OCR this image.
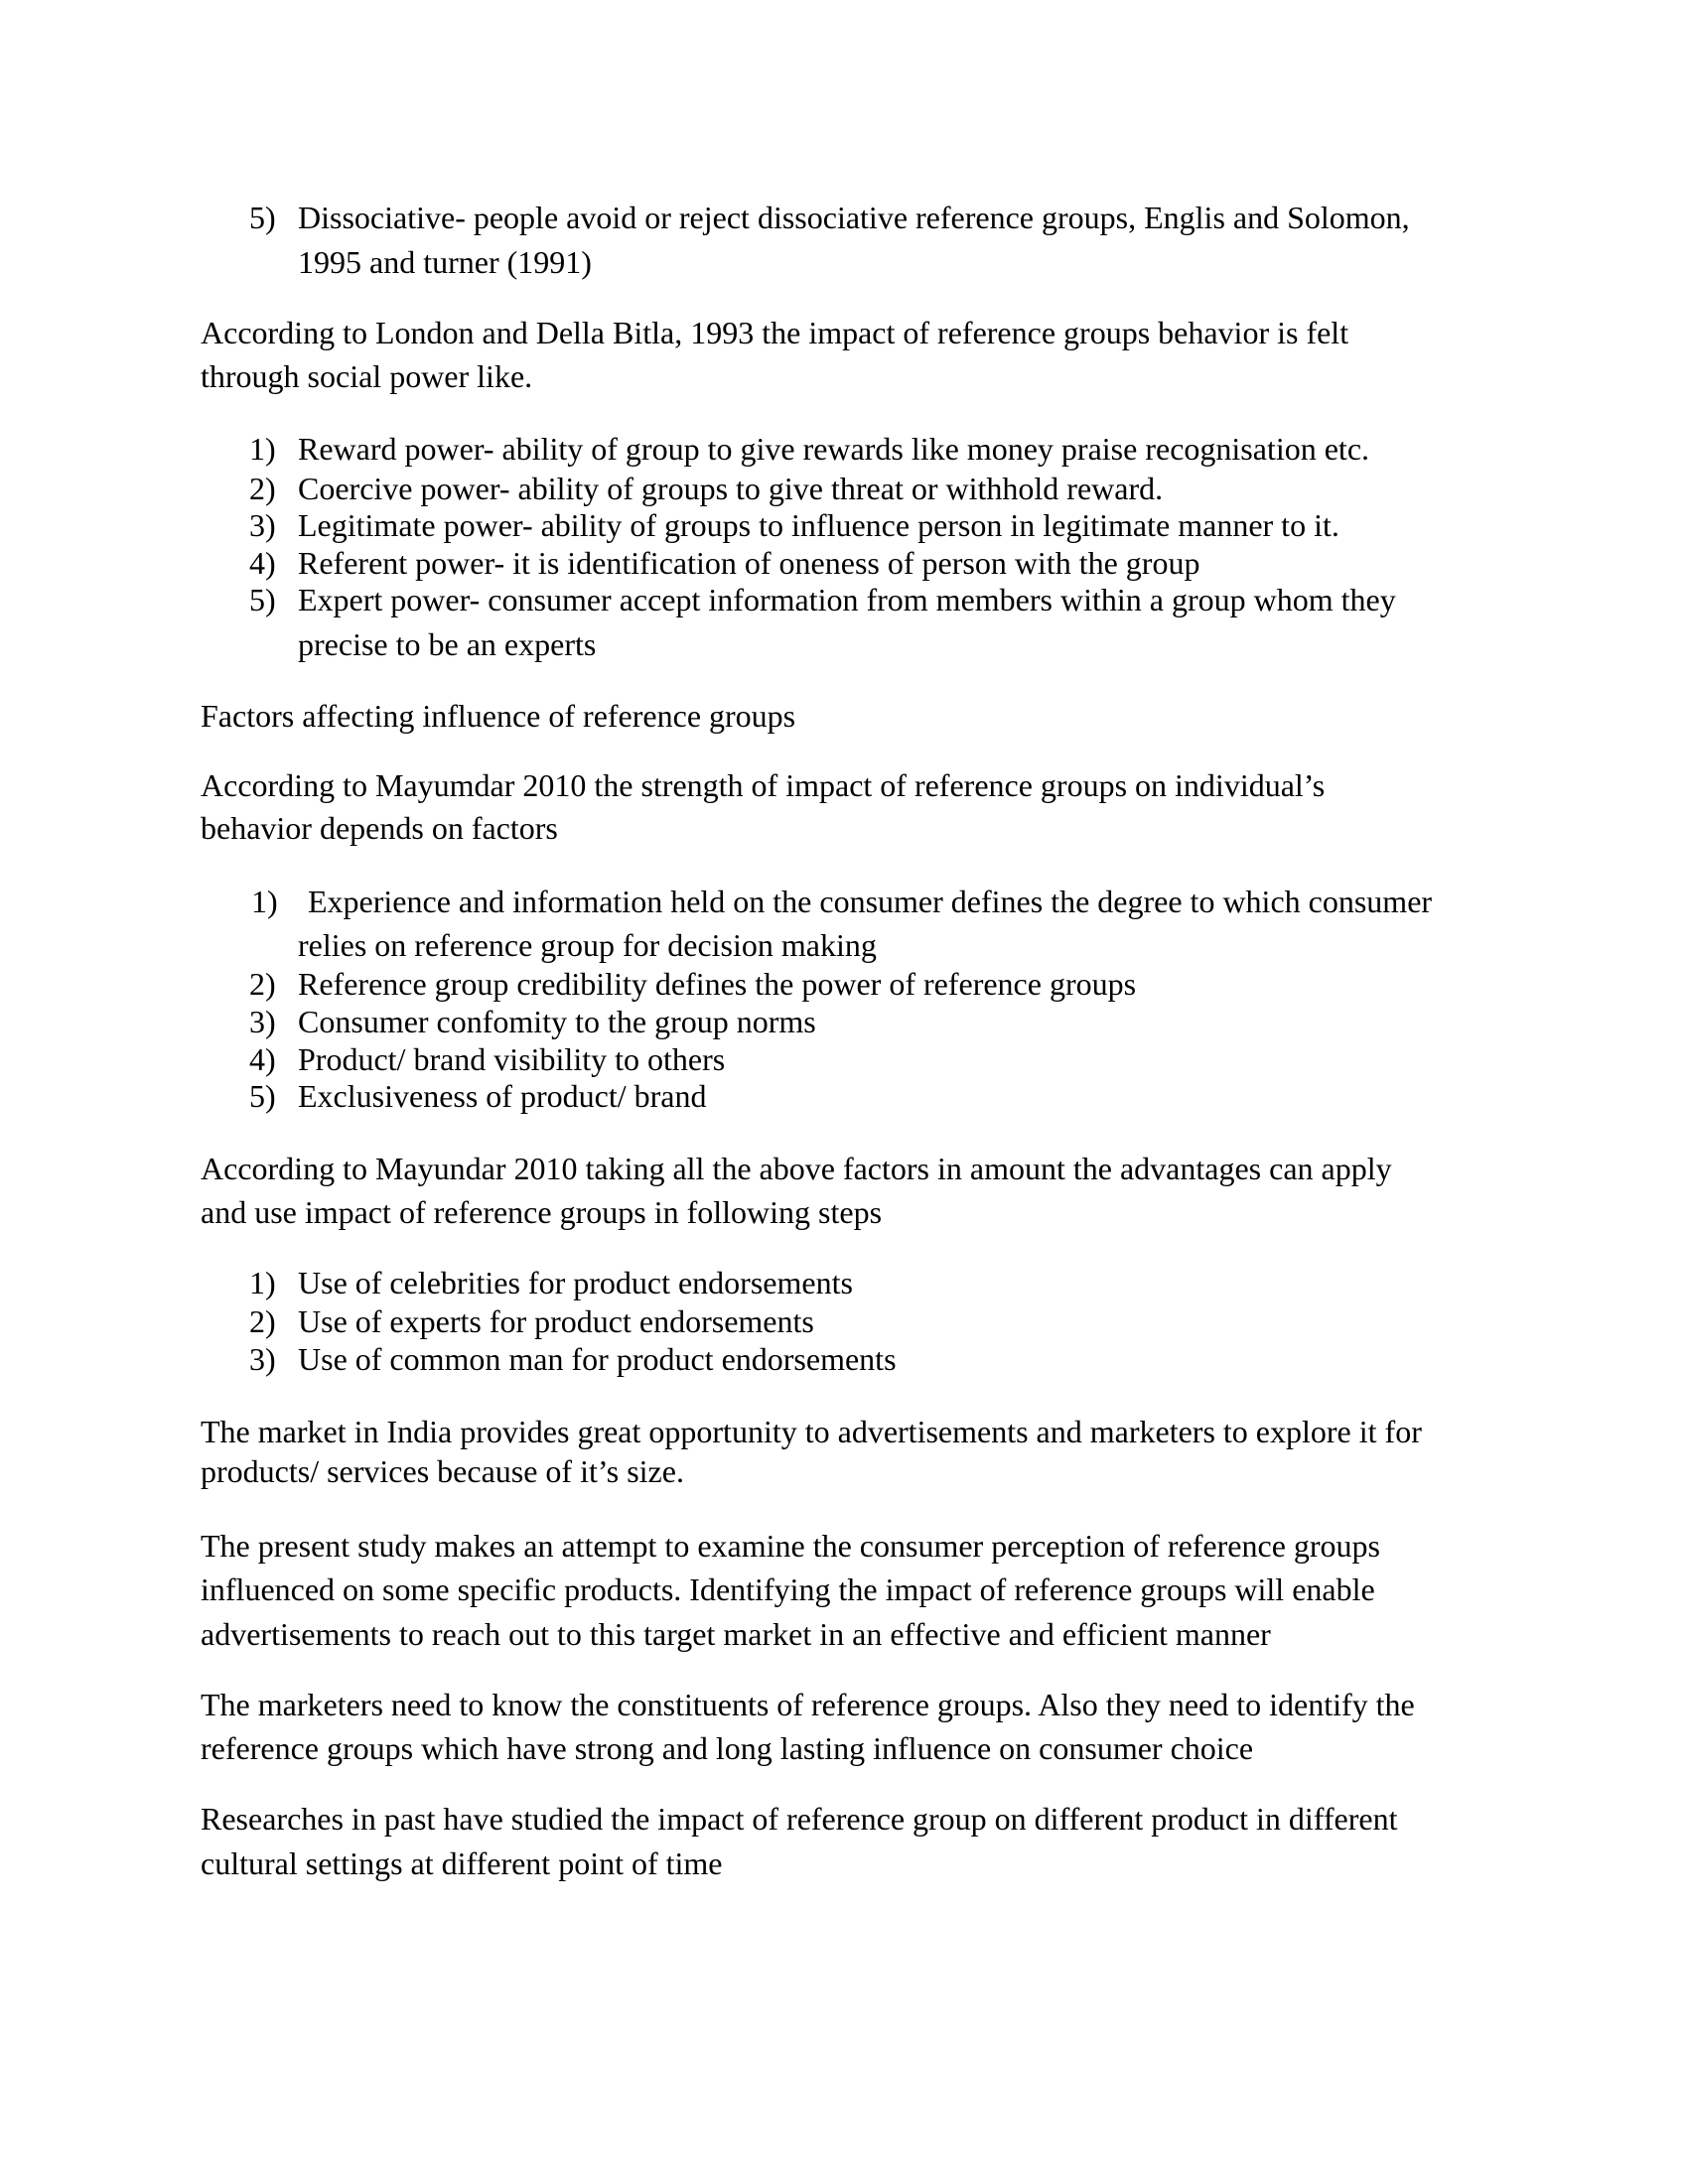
5) Dissociative- people avoid or reject dissociative reference groups, Englis and Solomon,
1995 and turner (1991)
According to London and Della Bitla, 1993 the impact of reference groups behavior is felt
through social power like.
1) Reward power- ability of group to give rewards like money praise recognisation etc.
2) Coercive power- ability of groups to give threat or withhold reward.
3) Legitimate power- ability of groups to influence person in legitimate manner to it.
4) Referent power- it is identification of oneness of person with the group
5) Expert power- consumer accept information from members within a group whom they
precise to be an experts
Factors affecting influence of reference groups
According to Mayumdar 2010 the strength of impact of reference groups on individual’s
behavior depends on factors
1) Experience and information held on the consumer defines the degree to which consumer
relies on reference group for decision making
2) Reference group credibility defines the power of reference groups
3) Consumer confomity to the group norms
4) Product/ brand visibility to others
5) Exclusiveness of product/ brand
According to Mayundar 2010 taking all the above factors in amount the advantages can apply
and use impact of reference groups in following steps
1) Use of celebrities for product endorsements
2) Use of experts for product endorsements
3) Use of common man for product endorsements
The market in India provides great opportunity to advertisements and marketers to explore it for
products/ services because of it’s size.
The present study makes an attempt to examine the consumer perception of reference groups
influenced on some specific products. Identifying the impact of reference groups will enable
advertisements to reach out to this target market in an effective and efficient manner
The marketers need to know the constituents of reference groups. Also they need to identify the
reference groups which have strong and long lasting influence on consumer choice
Researches in past have studied the impact of reference group on different product in different
cultural settings at different point of time
